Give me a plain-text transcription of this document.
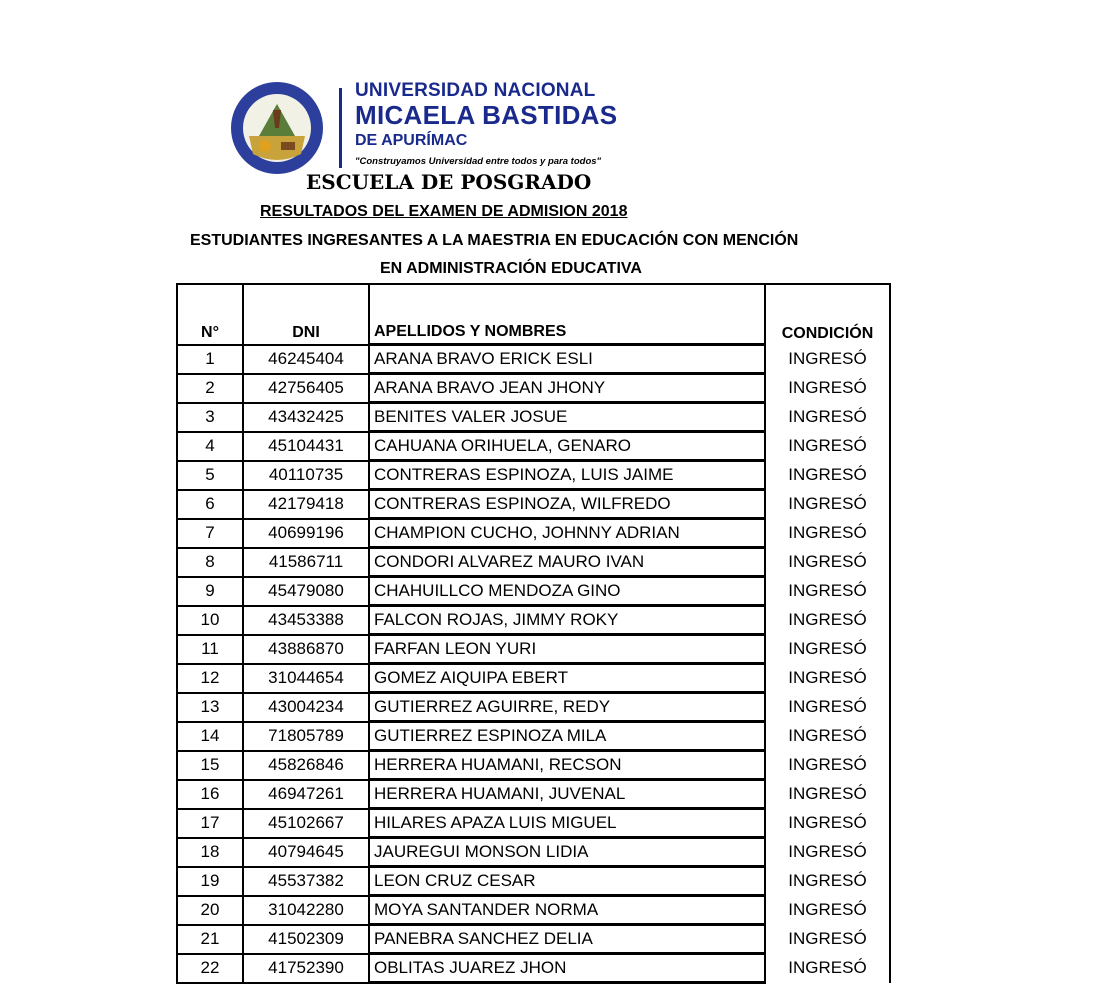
UNIVERSIDAD NACIONAL
MICAELA BASTIDAS
DE APURÍMAC
"Construyamos Universidad entre todos y para todos"
ESCUELA DE POSGRADO
RESULTADOS DEL EXAMEN DE ADMISION 2018
ESTUDIANTES INGRESANTES A LA MAESTRIA EN EDUCACIÓN CON MENCIÓN
EN ADMINISTRACIÓN EDUCATIVA
N°	DNI	APELLIDOS Y NOMBRES	CONDICIÓN
1	46245404	ARANA BRAVO ERICK ESLI	INGRESÓ
2	42756405	ARANA BRAVO JEAN JHONY	INGRESÓ
3	43432425	BENITES VALER JOSUE	INGRESÓ
4	45104431	CAHUANA ORIHUELA, GENARO	INGRESÓ
5	40110735	CONTRERAS ESPINOZA, LUIS JAIME	INGRESÓ
6	42179418	CONTRERAS ESPINOZA, WILFREDO	INGRESÓ
7	40699196	CHAMPION CUCHO, JOHNNY ADRIAN	INGRESÓ
8	41586711	CONDORI ALVAREZ MAURO IVAN	INGRESÓ
9	45479080	CHAHUILLCO MENDOZA GINO	INGRESÓ
10	43453388	FALCON ROJAS, JIMMY ROKY	INGRESÓ
11	43886870	FARFAN LEON YURI	INGRESÓ
12	31044654	GOMEZ AIQUIPA EBERT	INGRESÓ
13	43004234	GUTIERREZ AGUIRRE, REDY	INGRESÓ
14	71805789	GUTIERREZ ESPINOZA MILA	INGRESÓ
15	45826846	HERRERA HUAMANI, RECSON	INGRESÓ
16	46947261	HERRERA HUAMANI, JUVENAL	INGRESÓ
17	45102667	HILARES APAZA LUIS MIGUEL	INGRESÓ
18	40794645	JAUREGUI MONSON LIDIA	INGRESÓ
19	45537382	LEON CRUZ CESAR	INGRESÓ
20	31042280	MOYA SANTANDER NORMA	INGRESÓ
21	41502309	PANEBRA SANCHEZ DELIA	INGRESÓ
22	41752390	OBLITAS JUAREZ JHON	INGRESÓ
